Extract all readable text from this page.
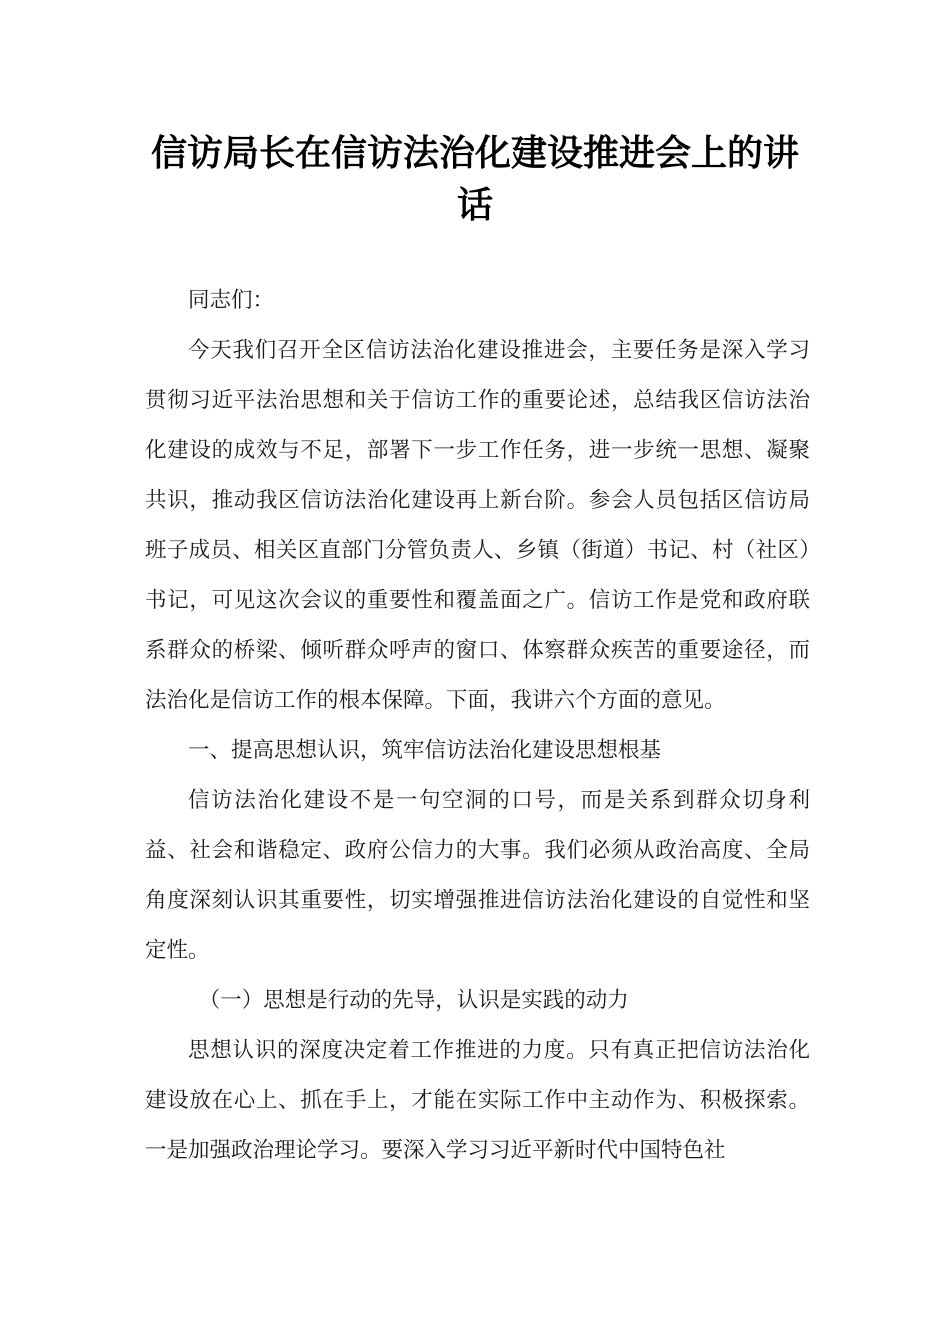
信访局长在信访法治化建设推进会上的讲话

同志们：

今天我们召开全区信访法治化建设推进会，主要任务是深入学习贯彻习近平法治思想和关于信访工作的重要论述，总结我区信访法治化建设的成效与不足，部署下一步工作任务，进一步统一思想、凝聚共识，推动我区信访法治化建设再上新台阶。参会人员包括区信访局班子成员、相关区直部门分管负责人、乡镇（街道）书记、村（社区）书记，可见这次会议的重要性和覆盖面之广。信访工作是党和政府联系群众的桥梁、倾听群众呼声的窗口、体察群众疾苦的重要途径，而法治化是信访工作的根本保障。下面，我讲六个方面的意见。

一、提高思想认识，筑牢信访法治化建设思想根基

信访法治化建设不是一句空洞的口号，而是关系到群众切身利益、社会和谐稳定、政府公信力的大事。我们必须从政治高度、全局角度深刻认识其重要性，切实增强推进信访法治化建设的自觉性和坚定性。

（一）思想是行动的先导，认识是实践的动力

思想认识的深度决定着工作推进的力度。只有真正把信访法治化建设放在心上、抓在手上，才能在实际工作中主动作为、积极探索。一是加强政治理论学习。要深入学习习近平新时代中国特色社
